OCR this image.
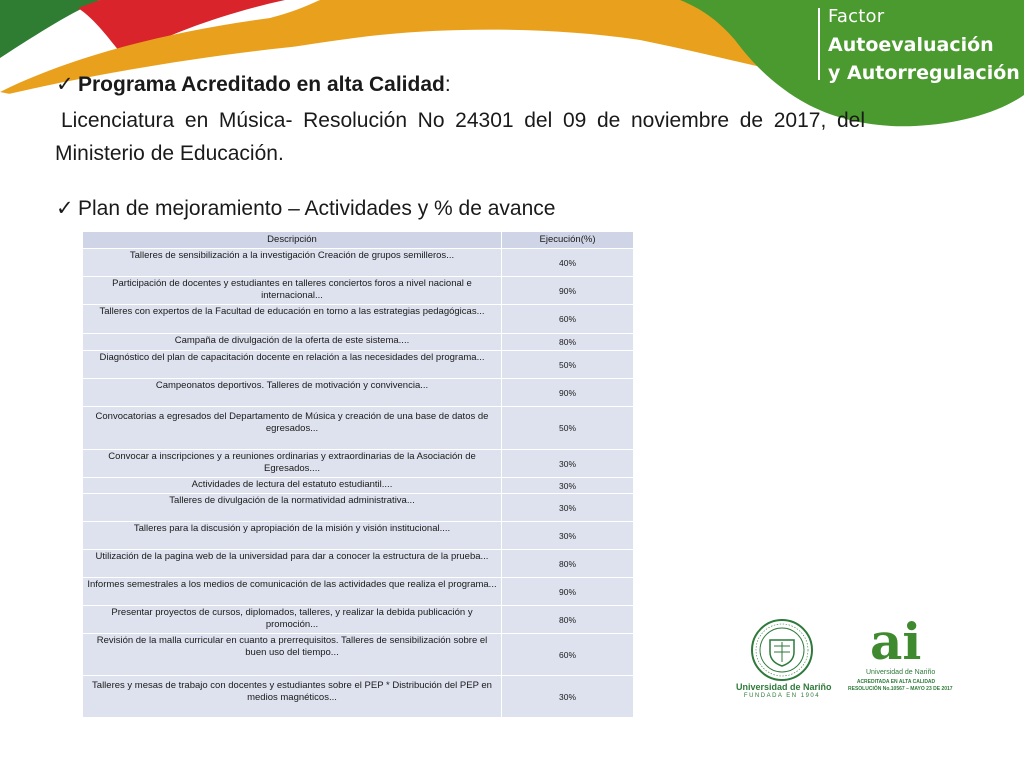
Factor
Autoevaluación
y Autorregulación
✓ Programa Acreditado en alta Calidad:
Licenciatura en Música- Resolución No 24301 del 09 de noviembre de 2017, del Ministerio de Educación.
✓ Plan de mejoramiento – Actividades y % de avance
Descripción	Ejecución(%)
Talleres de sensibilización a la investigación Creación de grupos semilleros...	40%
Participación de docentes y estudiantes en talleres conciertos foros a nivel nacional e internacional...	90%
Talleres con expertos de la Facultad de educación en torno a las estrategias pedagógicas...	60%
Campaña de divulgación de la oferta de este sistema....	80%
Diagnóstico del plan de capacitación docente en relación a las necesidades del programa...	50%
Campeonatos deportivos. Talleres de motivación y convivencia...	90%
Convocatorias a egresados del Departamento de Música y creación de una base de datos de egresados...	50%
Convocar a inscripciones y a reuniones ordinarias y extraordinarias de la Asociación de Egresados....	30%
Actividades de lectura del estatuto estudiantil....	30%
Talleres de divulgación de la normatividad administrativa...	30%
Talleres para la discusión y apropiación de la misión y visión institucional....	30%
Utilización de la pagina web de la universidad para dar a conocer la estructura de la prueba...	80%
Informes semestrales a los medios de comunicación de las actividades que realiza el programa...	90%
Presentar proyectos de cursos, diplomados, talleres, y realizar la debida publicación y promoción...	80%
Revisión de la malla curricular en cuanto a prerrequisitos. Talleres de sensibilización sobre el buen uso del tiempo...	60%
Talleres y mesas de trabajo con docentes y estudiantes sobre el PEP * Distribución del PEP en medios magnéticos...	30%
Universidad de Nariño
FUNDADA EN 1904
ai
Universidad de Nariño
ACREDITADA EN ALTA CALIDAD
RESOLUCIÓN No.10567 – MAYO 23 DE 2017
